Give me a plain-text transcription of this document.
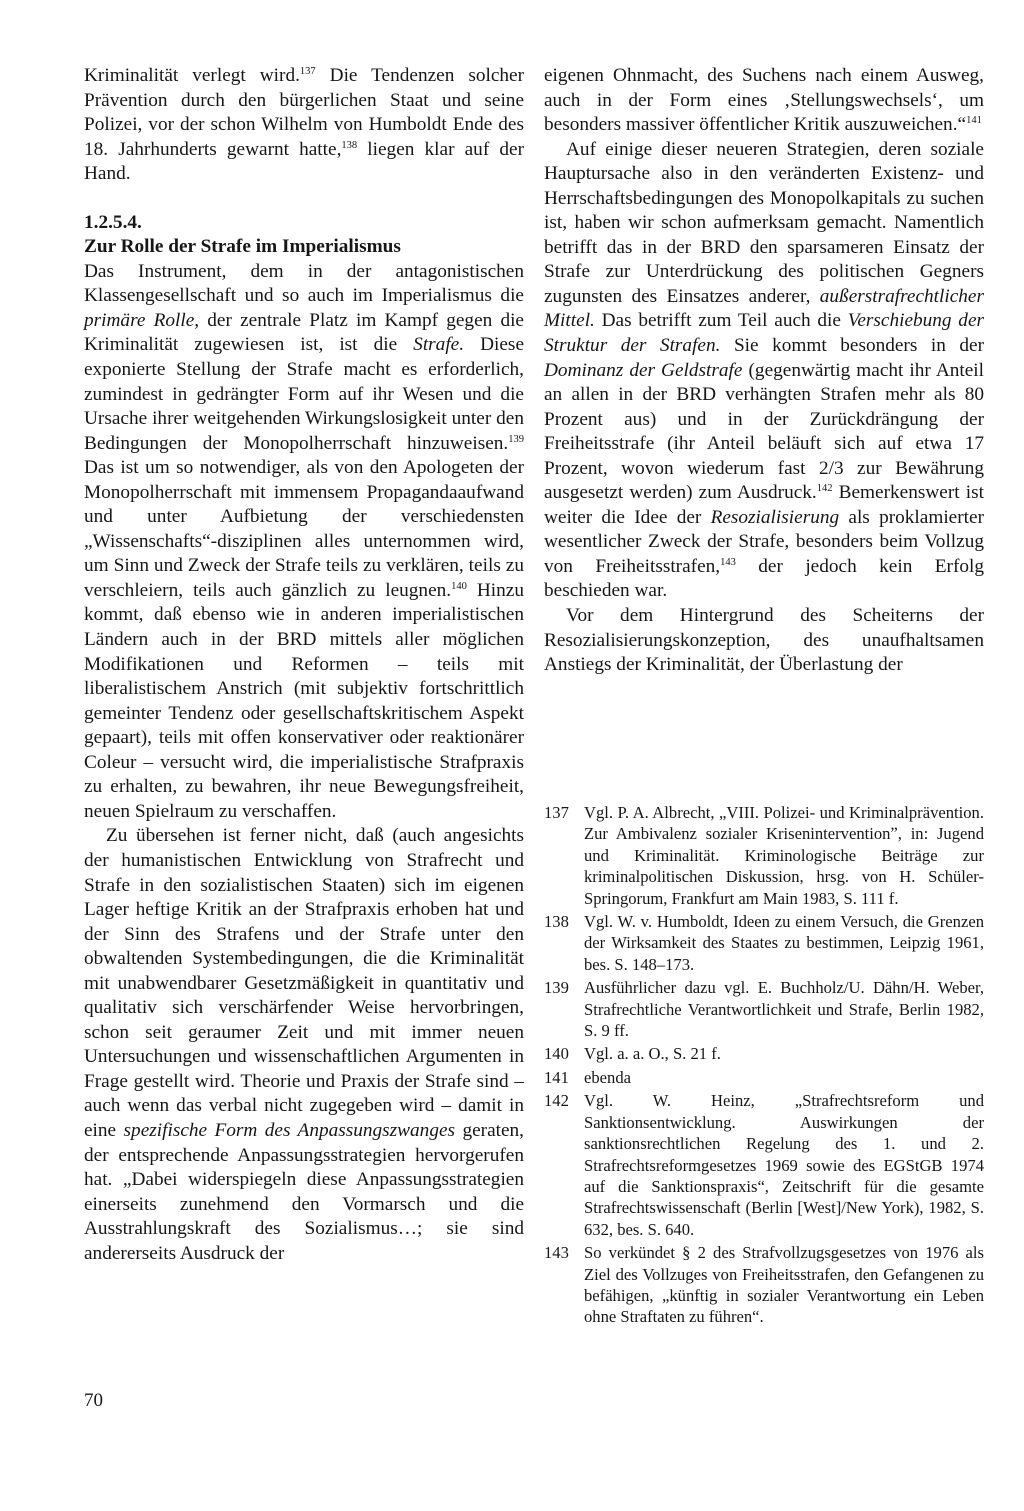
Kriminalität verlegt wird.$^{137}$ Die Tendenzen solcher Prävention durch den bürgerlichen Staat und seine Polizei, vor der schon Wilhelm von Humboldt Ende des 18. Jahrhunderts gewarnt hatte,$^{138}$ liegen klar auf der Hand.

1.2.5.4.

Zur Rolle der Strafe im Imperialismus

Das Instrument, dem in der antagonistischen Klassengesellschaft und so auch im Imperialismus die primäre Rolle, der zentrale Platz im Kampf gegen die Kriminalität zugewiesen ist, ist die Strafe. Diese exponierte Stellung der Strafe macht es erforderlich, zumindest in gedrängter Form auf ihr Wesen und die Ursache ihrer weitgehenden Wirkungslosigkeit unter den Bedingungen der Monopolherrschaft hinzuweisen.$^{139}$ Das ist um so notwendiger, als von den Apologeten der Monopolherrschaft mit immensem Propagandaaufwand und unter Aufbietung der verschiedensten „Wissenschafts“-disziplinen alles unternommen wird, um Sinn und Zweck der Strafe teils zu verklären, teils zu verschleiern, teils auch gänzlich zu leugnen.$^{140}$ Hinzu kommt, daß ebenso wie in anderen imperialistischen Ländern auch in der BRD mittels aller möglichen Modifikationen und Reformen – teils mit liberalistischem Anstrich (mit subjektiv fortschrittlich gemeinter Tendenz oder gesellschaftskritischem Aspekt gepaart), teils mit offen konservativer oder reaktionärer Coleur – versucht wird, die imperialistische Strafpraxis zu erhalten, zu bewahren, ihr neue Bewegungsfreiheit, neuen Spielraum zu verschaffen.

Zu übersehen ist ferner nicht, daß (auch angesichts der humanistischen Entwicklung von Strafrecht und Strafe in den sozialistischen Staaten) sich im eigenen Lager heftige Kritik an der Strafpraxis erhoben hat und der Sinn des Strafens und der Strafe unter den obwaltenden Systembedingungen, die die Kriminalität mit unabwendbarer Gesetzmäßigkeit in quantitativ und qualitativ sich verschärfender Weise hervorbringen, schon seit geraumer Zeit und mit immer neuen Untersuchungen und wissenschaftlichen Argumenten in Frage gestellt wird. Theorie und Praxis der Strafe sind – auch wenn das verbal nicht zugegeben wird – damit in eine spezifische Form des Anpassungszwanges geraten, der entsprechende Anpassungsstrategien hervorgerufen hat. „Dabei widerspiegeln diese Anpassungsstrategien einerseits zunehmend den Vormarsch und die Ausstrahlungskraft des Sozialismus…; sie sind andererseits Ausdruck der

eigenen Ohnmacht, des Suchens nach einem Ausweg, auch in der Form eines ‚Stellungswechsels‘, um besonders massiver öffentlicher Kritik auszuweichen.“$^{141}$

Auf einige dieser neueren Strategien, deren soziale Hauptursache also in den veränderten Existenz- und Herrschaftsbedingungen des Monopolkapitals zu suchen ist, haben wir schon aufmerksam gemacht. Namentlich betrifft das in der BRD den sparsameren Einsatz der Strafe zur Unterdrückung des politischen Gegners zugunsten des Einsatzes anderer, außerstrafrechtlicher Mittel. Das betrifft zum Teil auch die Verschiebung der Struktur der Strafen. Sie kommt besonders in der Dominanz der Geldstrafe (gegenwärtig macht ihr Anteil an allen in der BRD verhängten Strafen mehr als 80 Prozent aus) und in der Zurückdrängung der Freiheitsstrafe (ihr Anteil beläuft sich auf etwa 17 Prozent, wovon wiederum fast 2/3 zur Bewährung ausgesetzt werden) zum Ausdruck.$^{142}$ Bemerkenswert ist weiter die Idee der Resozialisierung als proklamierter wesentlicher Zweck der Strafe, besonders beim Vollzug von Freiheitsstrafen,$^{143}$ der jedoch kein Erfolg beschieden war.

Vor dem Hintergrund des Scheiterns der Resozialisierungskonzeption, des unaufhaltsamen Anstiegs der Kriminalität, der Überlastung der

137 Vgl. P. A. Albrecht, „VIII. Polizei- und Kriminalprävention. Zur Ambivalenz sozialer Kriseninterventionˮ, in: Jugend und Kriminalität. Kriminologische Beiträge zur kriminalpolitischen Diskussion, hrsg. von H. Schüler-Springorum, Frankfurt am Main 1983, S. 111 f.
138 Vgl. W. v. Humboldt, Ideen zu einem Versuch, die Grenzen der Wirksamkeit des Staates zu bestimmen, Leipzig 1961, bes. S. 148–173.
139 Ausführlicher dazu vgl. E. Buchholz/U. Dähn/H. Weber, Strafrechtliche Verantwortlichkeit und Strafe, Berlin 1982, S. 9 ff.
140 Vgl. a. a. O., S. 21 f.
141 ebenda
142 Vgl. W. Heinz, „Strafrechtsreform und Sanktionsentwicklung. Auswirkungen der sanktionsrechtlichen Regelung des 1. und 2. Strafrechtsreformgesetzes 1969 sowie des EGStGB 1974 auf die Sanktionspraxis“, Zeitschrift für die gesamte Strafrechtswissenschaft (Berlin [West]/New York), 1982, S. 632, bes. S. 640.
143 So verkündet § 2 des Strafvollzugsgesetzes von 1976 als Ziel des Vollzuges von Freiheitsstrafen, den Gefangenen zu befähigen, „künftig in sozialer Verantwortung ein Leben ohne Straftaten zu führen“.
70
